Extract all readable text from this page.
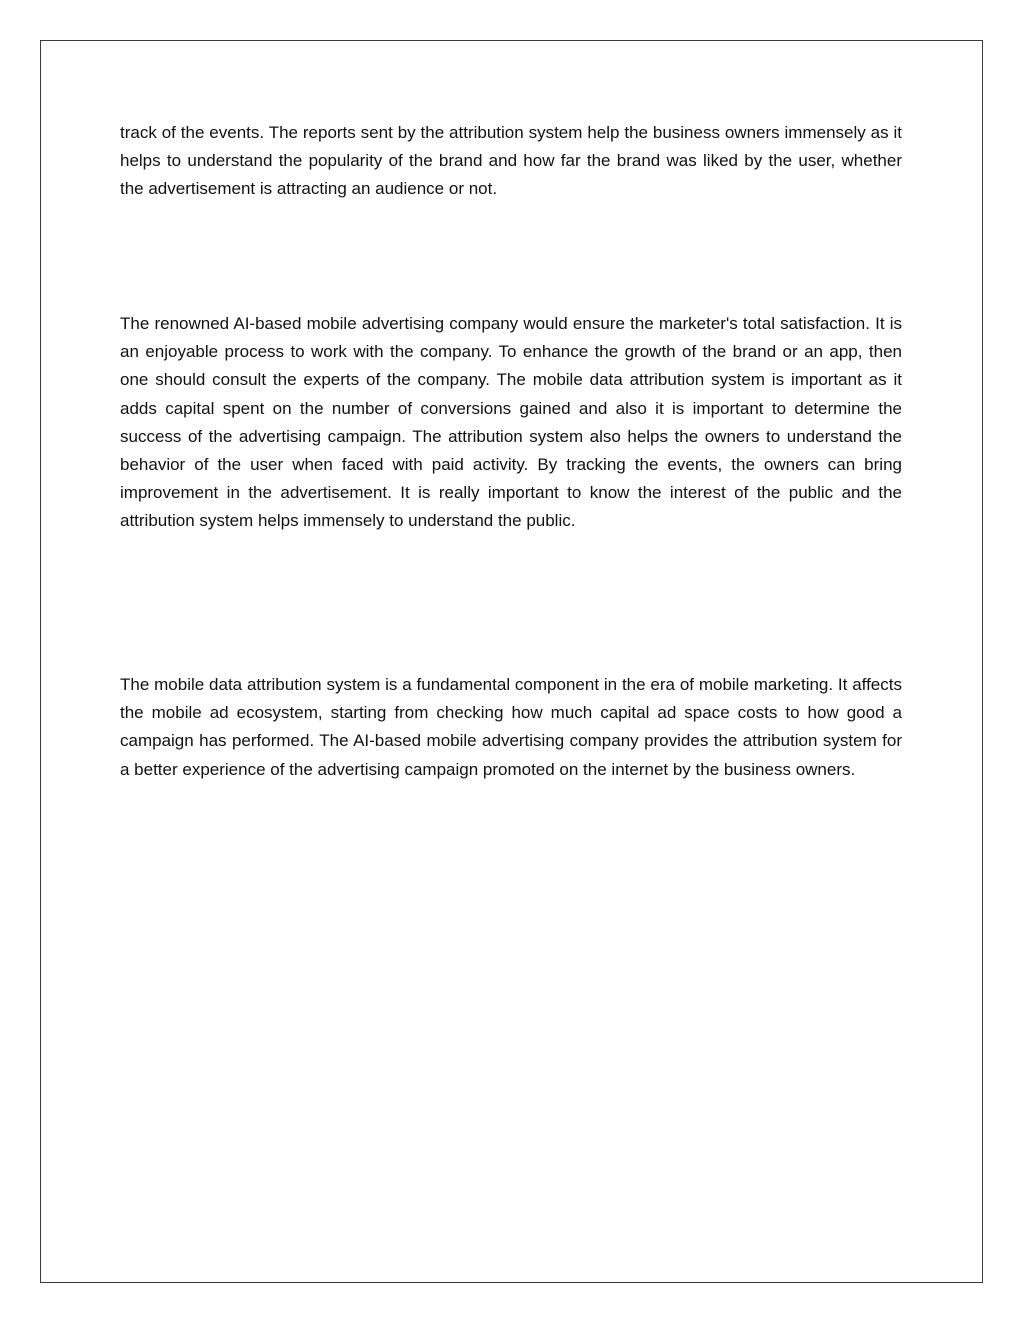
track of the events. The reports sent by the attribution system help the business owners immensely as it helps to understand the popularity of the brand and how far the brand was liked by the user, whether the advertisement is attracting an audience or not.

The renowned AI-based mobile advertising company would ensure the marketer's total satisfaction. It is an enjoyable process to work with the company. To enhance the growth of the brand or an app, then one should consult the experts of the company. The mobile data attribution system is important as it adds capital spent on the number of conversions gained and also it is important to determine the success of the advertising campaign. The attribution system also helps the owners to understand the behavior of the user when faced with paid activity. By tracking the events, the owners can bring improvement in the advertisement. It is really important to know the interest of the public and the attribution system helps immensely to understand the public.

The mobile data attribution system is a fundamental component in the era of mobile marketing. It affects the mobile ad ecosystem, starting from checking how much capital ad space costs to how good a campaign has performed. The AI-based mobile advertising company provides the attribution system for a better experience of the advertising campaign promoted on the internet by the business owners.
